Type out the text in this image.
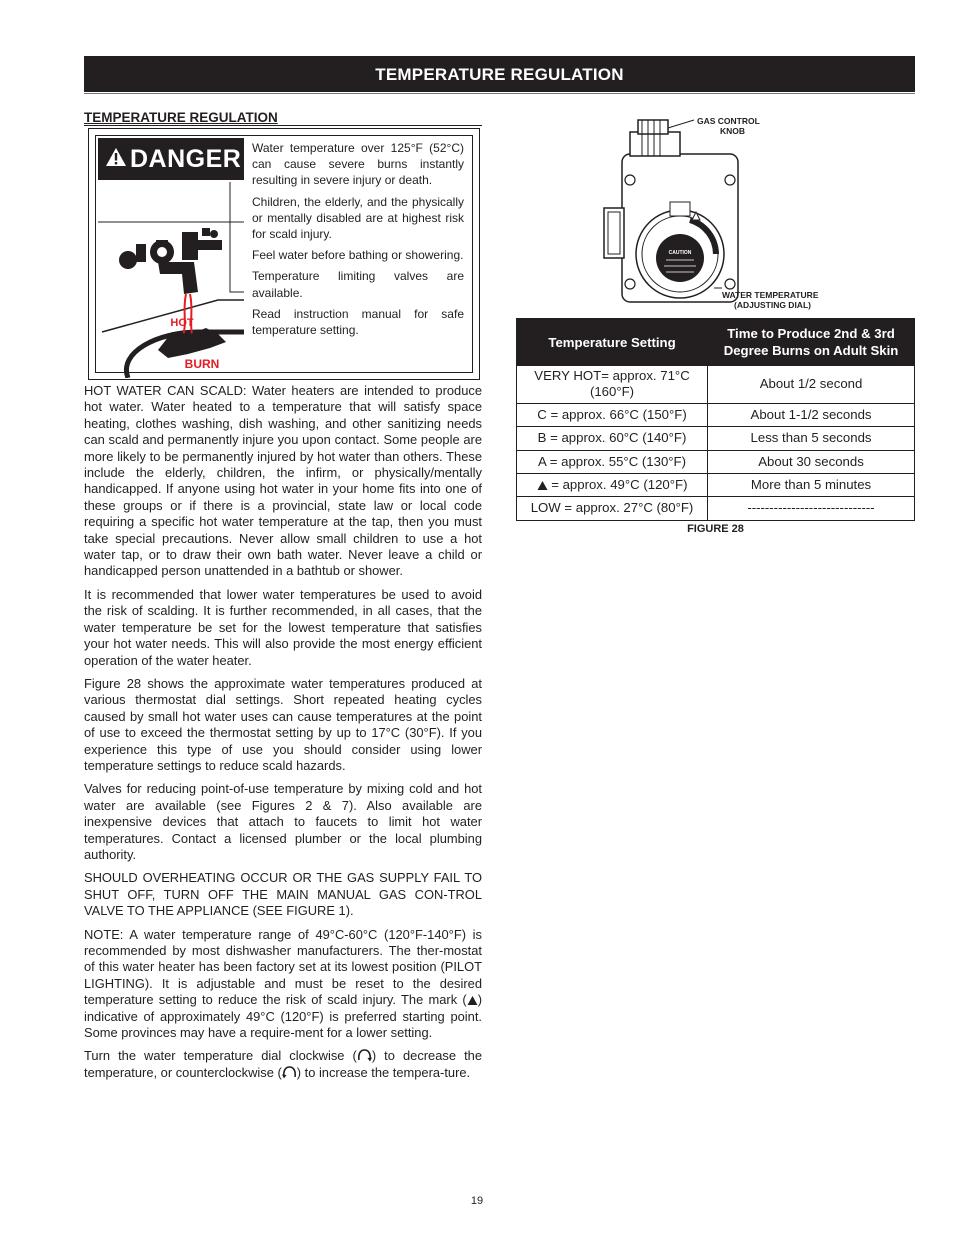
TEMPERATURE REGULATION
TEMPERATURE REGULATION
DANGER
HOT
BURN

Water temperature over 125°F (52°C) can cause severe burns instantly resulting in severe injury or death.

Children, the elderly, and the physically or mentally disabled are at highest risk for scald injury.

Feel water before bathing or showering.

Temperature limiting valves are available.

Read instruction manual for safe temperature setting.

HOT WATER CAN SCALD: Water heaters are intended to produce hot water. Water heated to a temperature that will satisfy space heating, clothes washing, dish washing, and other sanitizing needs can scald and permanently injure you upon contact. Some people are more likely to be permanently injured by hot water than others. These include the elderly, children, the infirm, or physically/mentally handicapped. If anyone using hot water in your home fits into one of these groups or if there is a provincial, state law or local code requiring a specific hot water temperature at the tap, then you must take special precautions. Never allow small children to use a hot water tap, or to draw their own bath water. Never leave a child or handicapped person unattended in a bathtub or shower.

It is recommended that lower water temperatures be used to avoid the risk of scalding. It is further recommended, in all cases, that the water temperature be set for the lowest temperature that satisfies your hot water needs. This will also provide the most energy efficient operation of the water heater.

Figure 28 shows the approximate water temperatures produced at various thermostat dial settings. Short repeated heating cycles caused by small hot water uses can cause temperatures at the point of use to exceed the thermostat setting by up to 17°C (30°F). If you experience this type of use you should consider using lower temperature settings to reduce scald hazards.

Valves for reducing point-of-use temperature by mixing cold and hot water are available (see Figures 2 & 7). Also available are inexpensive devices that attach to faucets to limit hot water temperatures. Contact a licensed plumber or the local plumbing authority.

SHOULD OVERHEATING OCCUR OR THE GAS SUPPLY FAIL TO SHUT OFF, TURN OFF THE MAIN MANUAL GAS CON-TROL VALVE TO THE APPLIANCE (SEE FIGURE 1).

NOTE: A water temperature range of 49°C-60°C (120°F-140°F) is recommended by most dishwasher manufacturers. The ther-mostat of this water heater has been factory set at its lowest position (PILOT LIGHTING). It is adjustable and must be reset to the desired temperature setting to reduce the risk of scald injury. The mark ( ) indicative of approximately 49°C (120°F) is preferred starting point. Some provinces may have a require-ment for a lower setting.

Turn the water temperature dial clockwise ( ) to decrease the temperature, or counterclockwise ( ) to increase the tempera-ture.

CAUTION
GAS CONTROL
KNOB
WATER TEMPERATURE
(ADJUSTING DIAL)
Temperature Setting	Time to Produce 2nd & 3rd Degree Burns on Adult Skin
VERY HOT= approx. 71°C (160°F)	About 1/2 second
C = approx. 66°C (150°F)	About 1-1/2 seconds
B = approx. 60°C (140°F)	Less than 5 seconds
A = approx. 55°C (130°F)	About 30 seconds
= approx. 49°C (120°F)	More than 5 minutes
LOW = approx. 27°C (80°F)	-----------------------------
FIGURE 28
19
